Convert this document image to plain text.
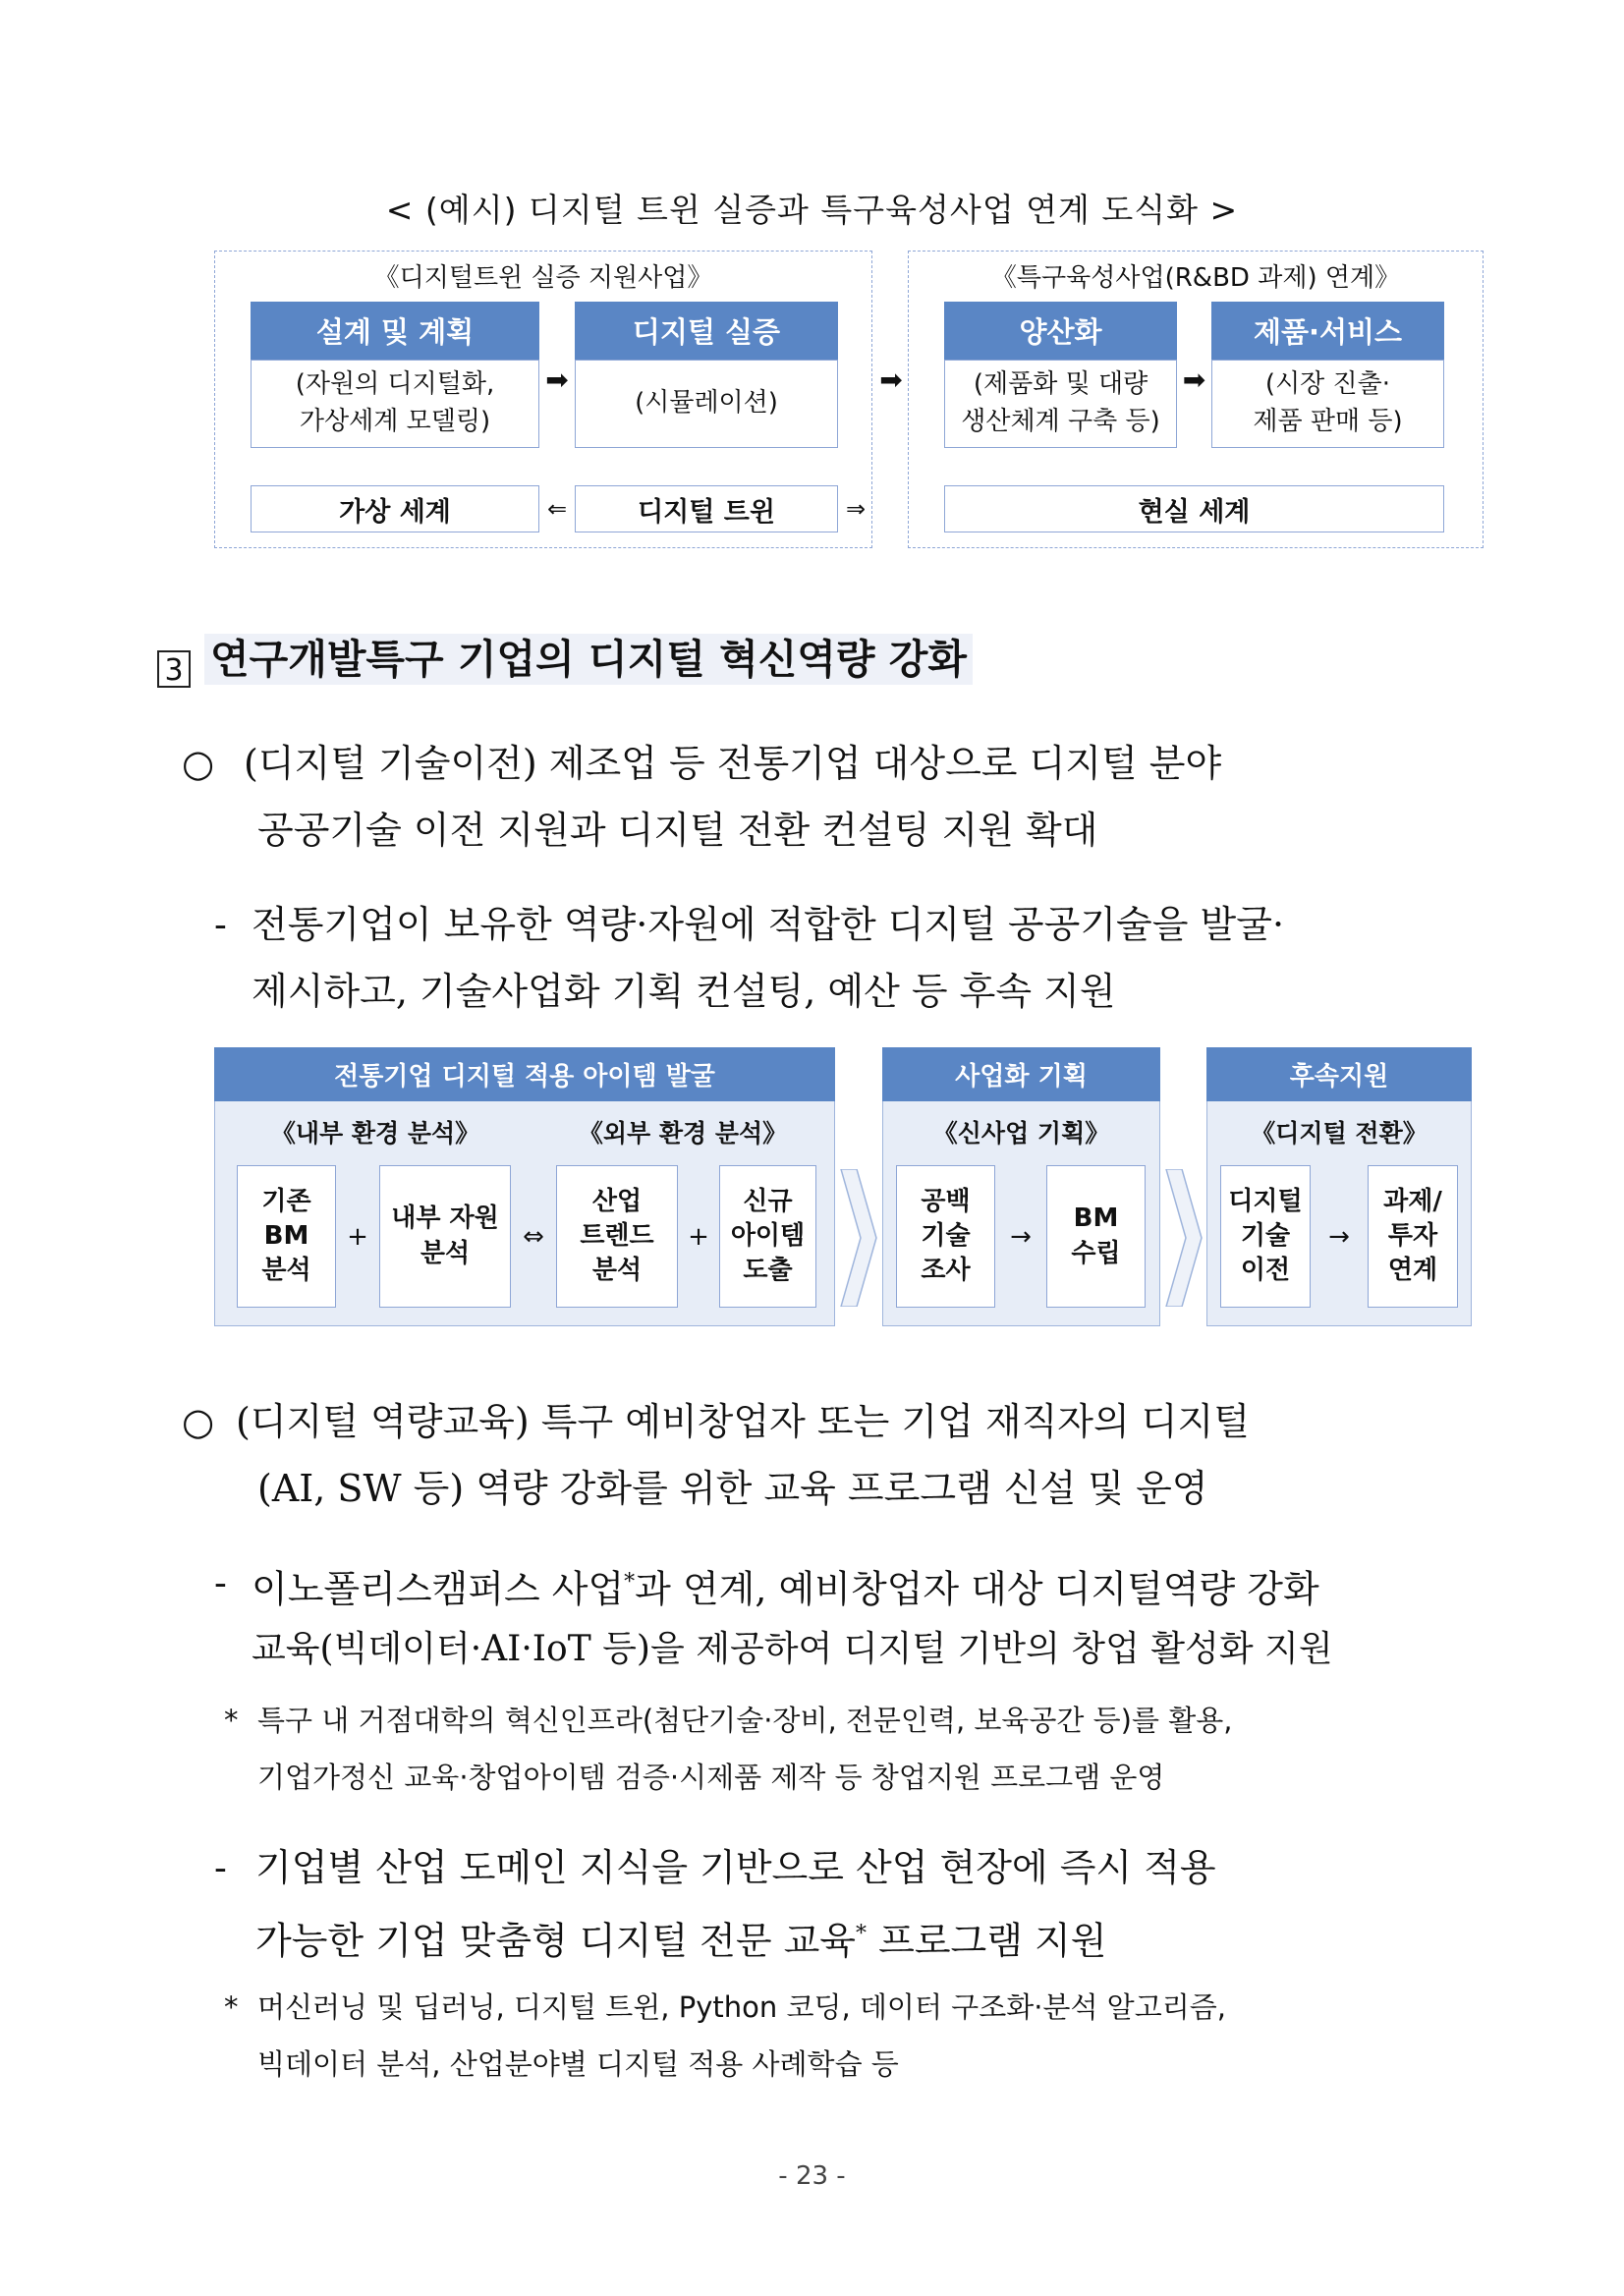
< (예시) 디지털 트윈 실증과 특구육성사업 연계 도식화 >
《디지털트윈 실증 지원사업》	《특구육성사업(R&BD 과제) 연계》
설계 및 계획
(자원의 디지털화,
가상세계 모델링)
디지털 실증
(시뮬레이션)
양산화
(제품화 및 대량
생산체계 구축 등)
제품·서비스
(시장 진출·
제품 판매 등)
➡	➡	➡
가상 세계	⇐	디지털 트윈	⇒	현실 세계
3 연구개발특구 기업의 디지털 혁신역량 강화
○ (디지털 기술이전) 제조업 등 전통기업 대상으로 디지털 분야
공공기술 이전 지원과 디지털 전환 컨설팅 지원 확대
- 전통기업이 보유한 역량·자원에 적합한 디지털 공공기술을 발굴·
제시하고, 기술사업화 기획 컨설팅, 예산 등 후속 지원
전통기업 디지털 적용 아이템 발굴	사업화 기획	후속지원
《내부 환경 분석》	《외부 환경 분석》	《신사업 기획》	《디지털 전환》
기존
BM
분석
+
내부 자원
분석
⇔
산업
트렌드
분석
+
신규
아이템
도출
공백
기술
조사
→
BM
수립
디지털
기술
이전
→
과제/
투자
연계
○ (디지털 역량교육) 특구 예비창업자 또는 기업 재직자의 디지털
(AI, SW 등) 역량 강화를 위한 교육 프로그램 신설 및 운영
- 이노폴리스캠퍼스 사업*과 연계, 예비창업자 대상 디지털역량 강화
교육(빅데이터·AI·IoT 등)을 제공하여 디지털 기반의 창업 활성화 지원
* 특구 내 거점대학의 혁신인프라(첨단기술·장비, 전문인력, 보육공간 등)를 활용,
기업가정신 교육·창업아이템 검증·시제품 제작 등 창업지원 프로그램 운영
- 기업별 산업 도메인 지식을 기반으로 산업 현장에 즉시 적용
가능한 기업 맞춤형 디지털 전문 교육* 프로그램 지원
* 머신러닝 및 딥러닝, 디지털 트윈, Python 코딩, 데이터 구조화·분석 알고리즘,
빅데이터 분석, 산업분야별 디지털 적용 사례학습 등
- 23 -
